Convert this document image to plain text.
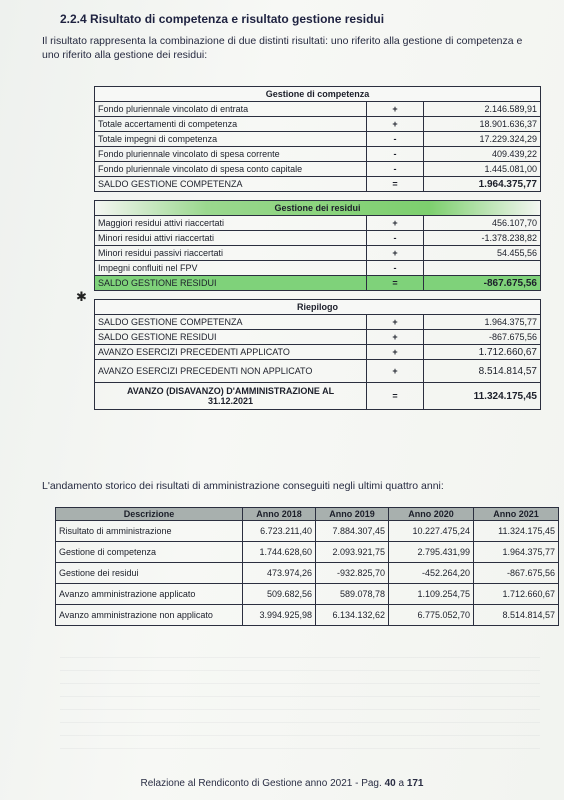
2.2.4 Risultato di competenza e risultato gestione residui
Il risultato rappresenta la combinazione di due distinti risultati: uno riferito alla gestione di competenza e
uno riferito alla gestione dei residui:
✱
Gestione di competenza		
Fondo pluriennale vincolato di entrata	+	2.146.589,91
Totale accertamenti di competenza	+	18.901.636,37
Totale impegni di competenza	-	17.229.324,29
Fondo pluriennale vincolato di spesa corrente	-	409.439,22
Fondo pluriennale vincolato di spesa conto capitale	-	1.445.081,00
SALDO GESTIONE COMPETENZA	=	1.964.375,77

Gestione dei residui		
Maggiori residui attivi riaccertati	+	456.107,70
Minori residui attivi riaccertati	-	-1.378.238,82
Minori residui passivi riaccertati	+	54.455,56
Impegni confluiti nel FPV	-	
SALDO GESTIONE RESIDUI	=	-867.675,56

Riepilogo		
SALDO GESTIONE COMPETENZA	+	1.964.375,77
SALDO GESTIONE RESIDUI	+	-867.675,56
AVANZO ESERCIZI PRECEDENTI APPLICATO	+	1.712.660,67
AVANZO ESERCIZI PRECEDENTI NON APPLICATO	+	8.514.814,57

AVANZO (DISAVANZO) D'AMMINISTRAZIONE AL
31.12.2021	=	11.324.175,45
L'andamento storico dei risultati di amministrazione conseguiti negli ultimi quattro anni:
Descrizione	Anno 2018	Anno 2019	Anno 2020	Anno 2021
Risultato di amministrazione	6.723.211,40	7.884.307,45	10.227.475,24	11.324.175,45
Gestione di competenza	1.744.628,60	2.093.921,75	2.795.431,99	1.964.375,77
Gestione dei residui	473.974,26	-932.825,70	-452.264,20	-867.675,56
Avanzo amministrazione applicato	509.682,56	589.078,78	1.109.254,75	1.712.660,67
Avanzo amministrazione non applicato	3.994.925,98	6.134.132,62	6.775.052,70	8.514.814,57
Relazione al Rendiconto di Gestione anno 2021 - Pag. 40 a 171
